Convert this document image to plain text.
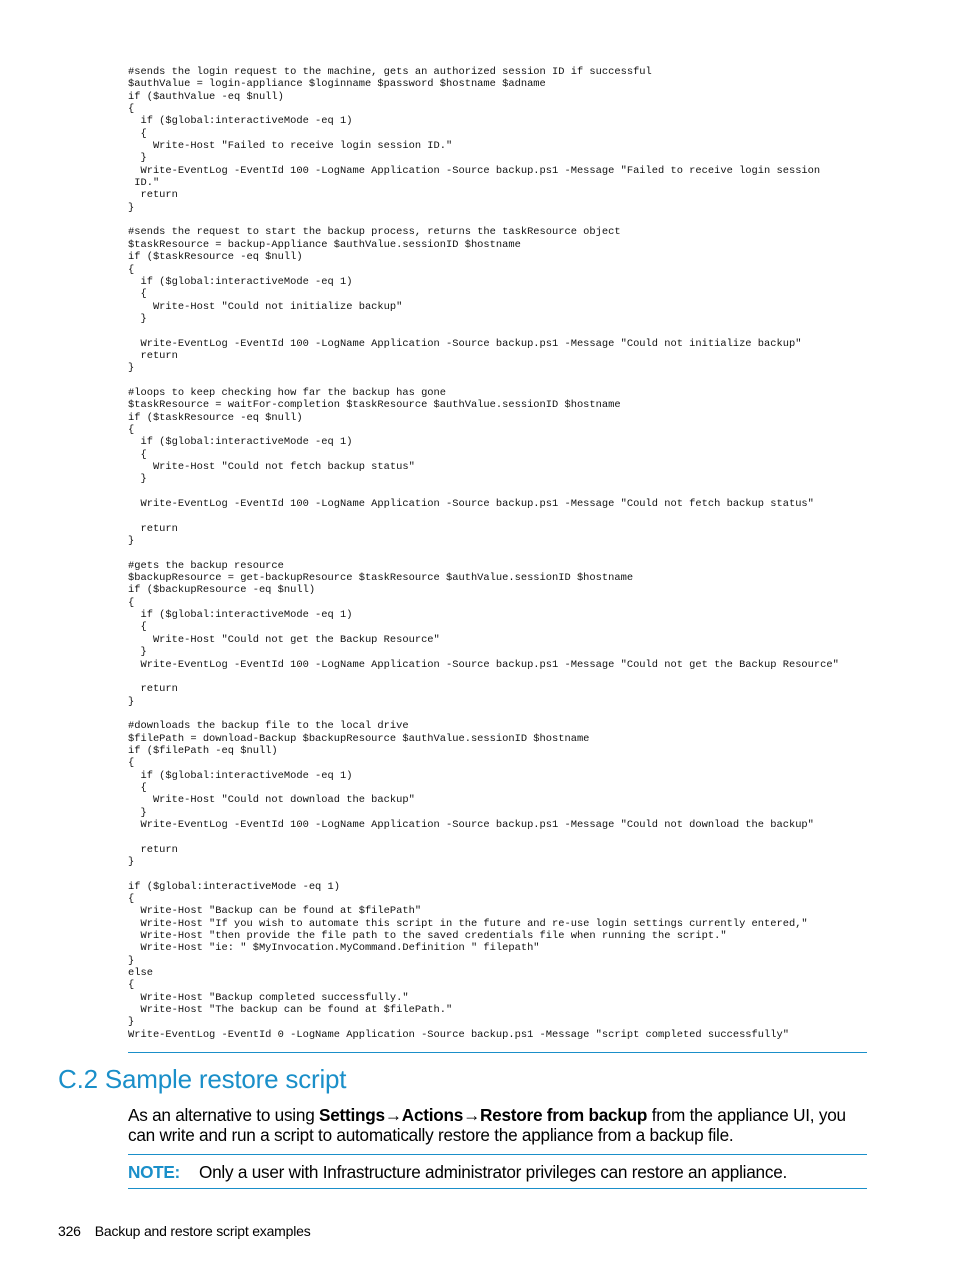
#sends the login request to the machine, gets an authorized session ID if successful
$authValue = login-appliance $loginname $password $hostname $adname
if ($authValue -eq $null)
{
if ($global:interactiveMode -eq 1)
{
Write-Host "Failed to receive login session ID."
}
Write-EventLog -EventId 100 -LogName Application -Source backup.ps1 -Message "Failed to receive login session
ID."
return
}
#sends the request to start the backup process, returns the taskResource object
$taskResource = backup-Appliance $authValue.sessionID $hostname
if ($taskResource -eq $null)
{
if ($global:interactiveMode -eq 1)
{
Write-Host "Could not initialize backup"
}
Write-EventLog -EventId 100 -LogName Application -Source backup.ps1 -Message "Could not initialize backup"
return
}
#loops to keep checking how far the backup has gone
$taskResource = waitFor-completion $taskResource $authValue.sessionID $hostname
if ($taskResource -eq $null)
{
if ($global:interactiveMode -eq 1)
{
Write-Host "Could not fetch backup status"
}
Write-EventLog -EventId 100 -LogName Application -Source backup.ps1 -Message "Could not fetch backup status"
return
}
#gets the backup resource
$backupResource = get-backupResource $taskResource $authValue.sessionID $hostname
if ($backupResource -eq $null)
{
if ($global:interactiveMode -eq 1)
{
Write-Host "Could not get the Backup Resource"
}
Write-EventLog -EventId 100 -LogName Application -Source backup.ps1 -Message "Could not get the Backup Resource"
return
}
#downloads the backup file to the local drive
$filePath = download-Backup $backupResource $authValue.sessionID $hostname
if ($filePath -eq $null)
{
if ($global:interactiveMode -eq 1)
{
Write-Host "Could not download the backup"
}
Write-EventLog -EventId 100 -LogName Application -Source backup.ps1 -Message "Could not download the backup"
return
}
if ($global:interactiveMode -eq 1)
{
Write-Host "Backup can be found at $filePath"
Write-Host "If you wish to automate this script in the future and re-use login settings currently entered,"
Write-Host "then provide the file path to the saved credentials file when running the script."
Write-Host "ie: " $MyInvocation.MyCommand.Definition " filepath"
}
else
{
Write-Host "Backup completed successfully."
Write-Host "The backup can be found at $filePath."
}
Write-EventLog -EventId 0 -LogName Application -Source backup.ps1 -Message "script completed successfully"
C.2 Sample restore script

As an alternative to using Settings→Actions→Restore from backup from the appliance UI, you can write and run a script to automatically restore the appliance from a backup file.

NOTE: Only a user with Infrastructure administrator privileges can restore an appliance.
326 Backup and restore script examples
